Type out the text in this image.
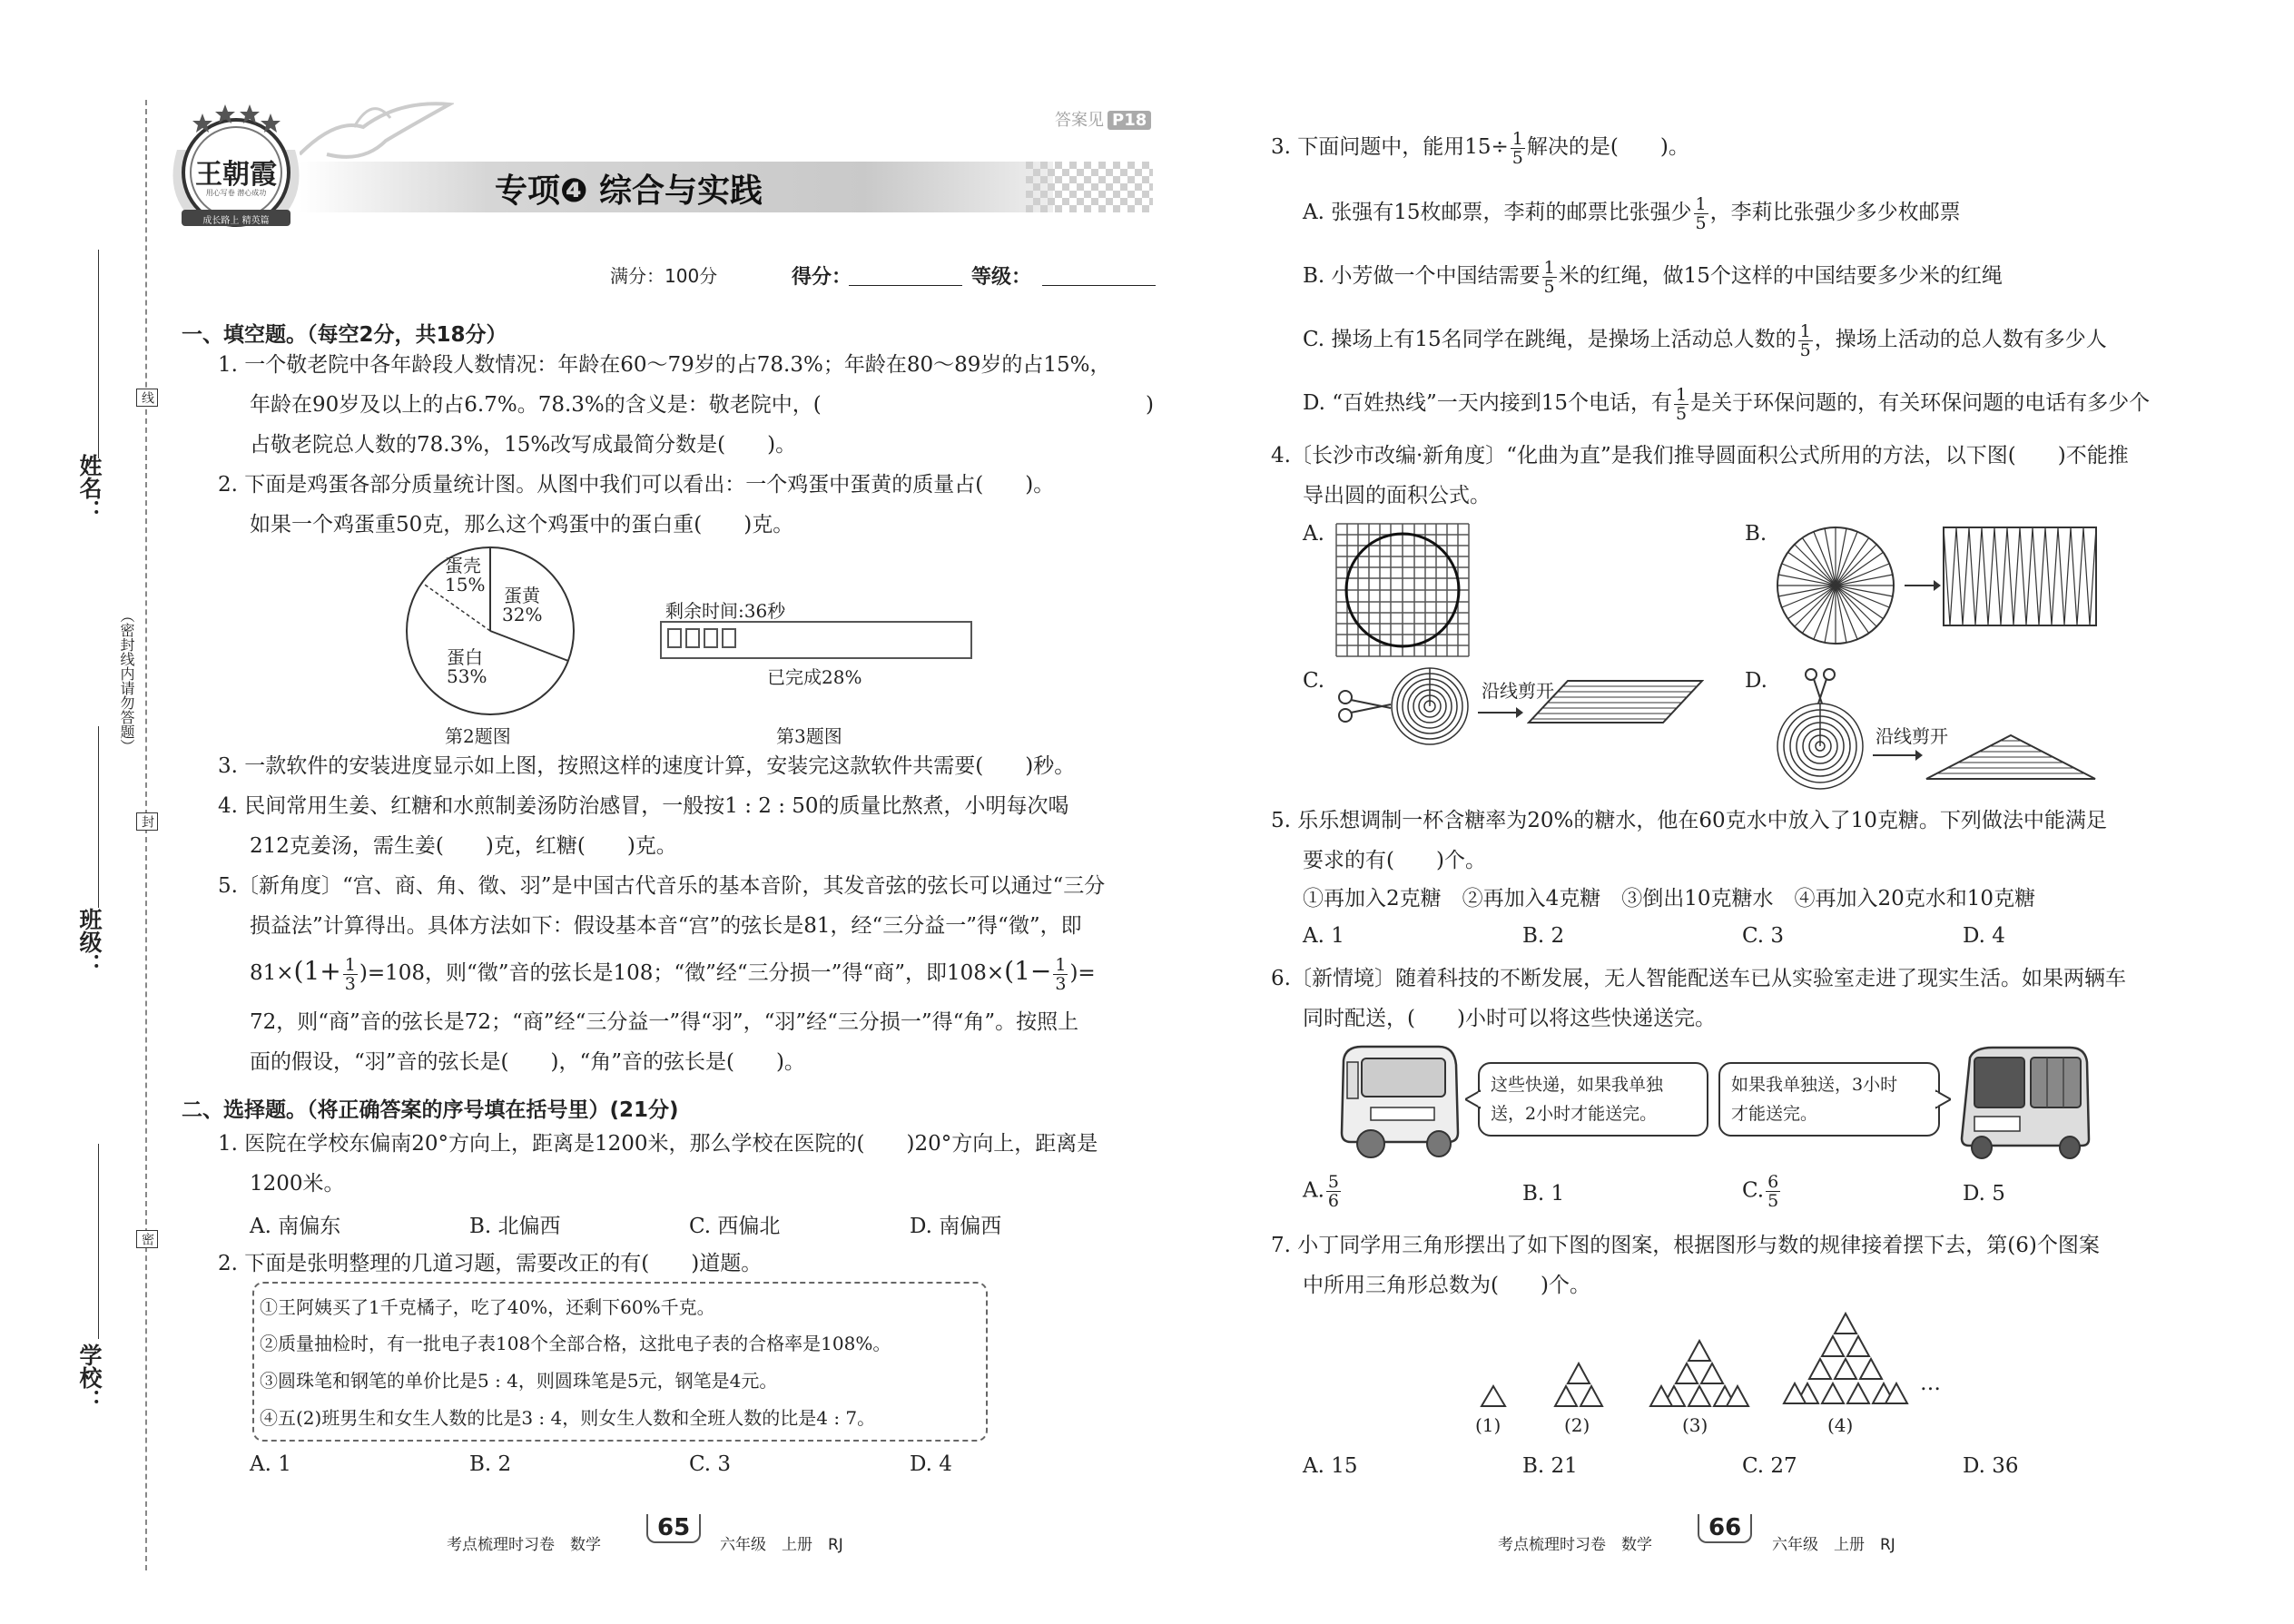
姓名：
班级：
学校：
（密封线内请勿答题）
线
封
密
王朝霞
用心写卷 潜心成功
成长路上 精英篇
答案见 P18
专项❹ 综合与实践
满分：100分	得分：	等级：
一、填空题。（每空2分，共18分）
1. 一个敬老院中各年龄段人数情况：年龄在60～79岁的占78.3%；年龄在80～89岁的占15%，
年龄在90岁及以上的占6.7%。78.3%的含义是：敬老院中，(	)
占敬老院总人数的78.3%，15%改写成最简分数是(　　)。
2. 下面是鸡蛋各部分质量统计图。从图中我们可以看出：一个鸡蛋中蛋黄的质量占(　　)。
如果一个鸡蛋重50克，那么这个鸡蛋中的蛋白重(　　)克。
蛋壳
15% 蛋黄
32%
蛋白
53%
第2题图
剩余时间:36秒
已完成28%
第3题图
3. 一款软件的安装进度显示如上图，按照这样的速度计算，安装完这款软件共需要(　　)秒。
4. 民间常用生姜、红糖和水煎制姜汤防治感冒，一般按1 : 2 : 50的质量比熬煮，小明每次喝
212克姜汤，需生姜(　　)克，红糖(　　)克。
5.〔新角度〕“宫、商、角、徵、羽”是中国古代音乐的基本音阶，其发音弦的弦长可以通过“三分
损益法”计算得出。具体方法如下：假设基本音“宫”的弦长是81，经“三分益一”得“徵”，即
$81\times(1+ \frac{1}{3} )=108$，则“徵”音的弦长是108；“徵”经“三分损一”得“商”，即$108\times(1- \frac{1}{3}$ )=
72，则“商”音的弦长是72；“商”经“三分益一”得“羽”，“羽”经“三分损一”得“角”。按照上
面的假设，“羽”音的弦长是(　　)，“角”音的弦长是(　　)。
二、选择题。（将正确答案的序号填在括号里）(21分)
1. 医院在学校东偏南20°方向上，距离是1200米，那么学校在医院的(　　)20°方向上，距离是
1200米。
A. 南偏东	B. 北偏西	C. 西偏北	D. 南偏西
2. 下面是张明整理的几道习题，需要改正的有(　　)道题。
①王阿姨买了1千克橘子，吃了40%，还剩下60%千克。
②质量抽检时，有一批电子表108个全部合格，这批电子表的合格率是108%。
③圆珠笔和钢笔的单价比是5 : 4，则圆珠笔是5元，钢笔是4元。
④五(2)班男生和女生人数的比是3 : 4，则女生人数和全班人数的比是4 : 7。
A. 1	B. 2	C. 3	D. 4
考点梳理时习卷　数学
65
六年级　上册　RJ
3. 下面问题中，能用$15\div \frac{1}{5}$ 解决的是(　　)。
A. 张强有15枚邮票，李莉的邮票比张强少 $\frac{1}{5}$ ，李莉比张强少多少枚邮票
B. 小芳做一个中国结需要 $\frac{1}{5}$ 米的红绳，做15个这样的中国结要多少米的红绳
C. 操场上有15名同学在跳绳，是操场上活动总人数的 $\frac{1}{5}$ ，操场上活动的总人数有多少人
D. “百姓热线”一天内接到15个电话，有 $\frac{1}{5}$ 是关于环保问题的，有关环保问题的电话有多少个
4.〔长沙市改编·新角度〕“化曲为直”是我们推导圆面积公式所用的方法，以下图(　　)不能推
导出圆的面积公式。
A.	B.
C.	沿线剪开	D.
沿线剪开
5. 乐乐想调制一杯含糖率为20%的糖水，他在60克水中放入了10克糖。下列做法中能满足
要求的有(　　)个。
①再加入2克糖　②再加入4克糖　③倒出10克糖水　④再加入20克水和10克糖
A. 1	B. 2	C. 3	D. 4
6.〔新情境〕随着科技的不断发展，无人智能配送车已从实验室走进了现实生活。如果两辆车
同时配送，(　　)小时可以将这些快递送完。
这些快递，如果我单独
送，2小时才能送完。
如果我单独送，3小时
才能送完。
A. $\frac{5}{6}$	B. 1	C. $\frac{6}{5}$	D. 5
7. 小丁同学用三角形摆出了如下图的图案，根据图形与数的规律接着摆下去，第(6)个图案
中所用三角形总数为(　　)个。
…
(1)	(2)	(3)	(4)
A. 15	B. 21	C. 27	D. 36
考点梳理时习卷　数学
66
六年级　上册　RJ
